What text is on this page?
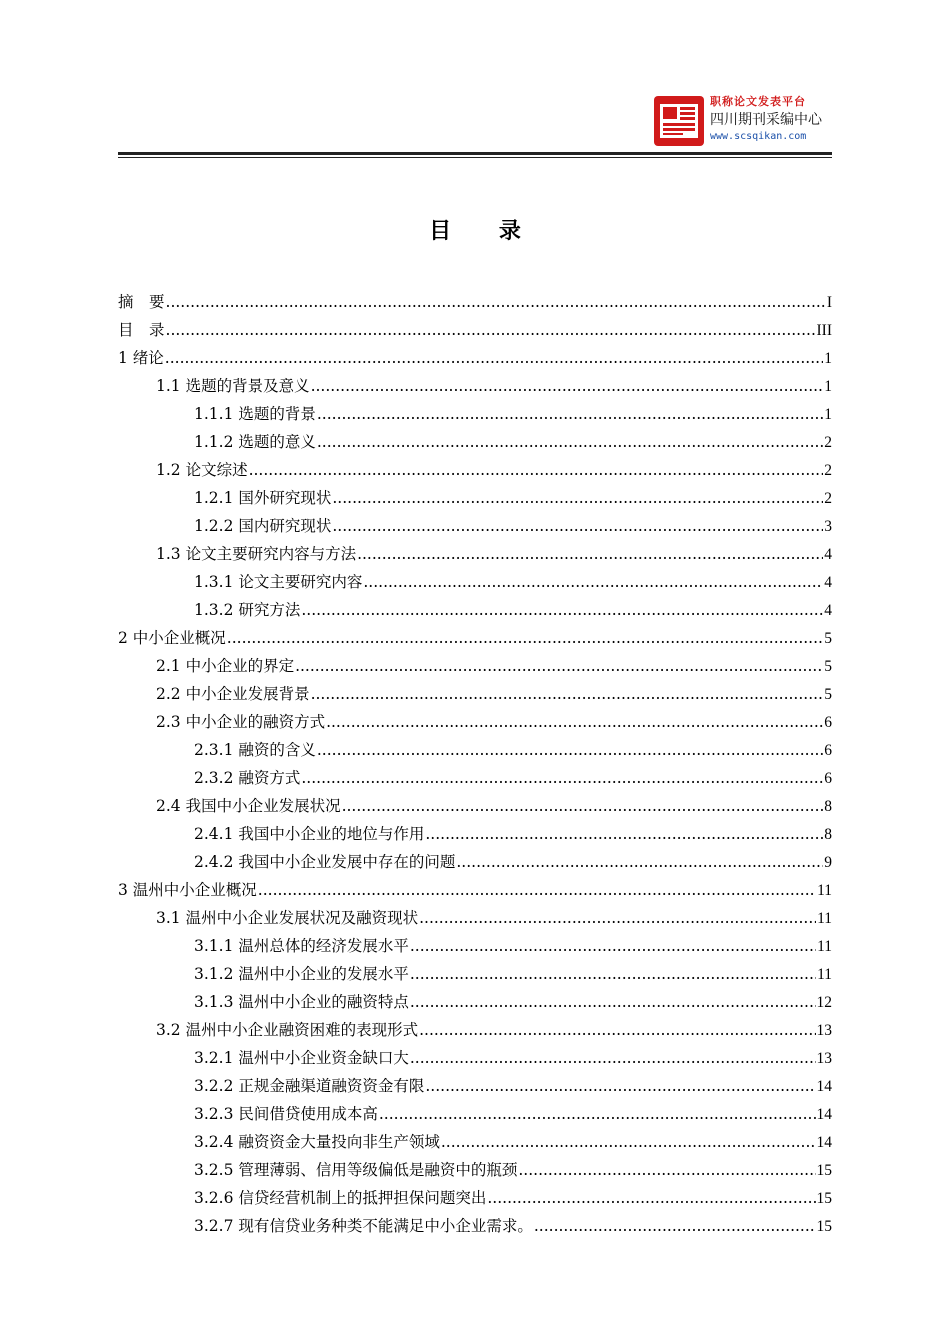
职称论文发表平台
四川期刊采编中心
www.scsqikan.com
目 录
摘　要 .....	I
目　录 .....	III
1 绪论 .....	1
1.1 选题的背景及意义 .....	1
1.1.1 选题的背景 .....	1
1.1.2 选题的意义 .....	2
1.2 论文综述 .....	2
1.2.1 国外研究现状 .....	2
1.2.2 国内研究现状 .....	3
1.3 论文主要研究内容与方法 .....	4
1.3.1 论文主要研究内容 .....	4
1.3.2 研究方法 .....	4
2 中小企业概况 .....	5
2.1 中小企业的界定 .....	5
2.2 中小企业发展背景 .....	5
2.3 中小企业的融资方式 .....	6
2.3.1 融资的含义 .....	6
2.3.2 融资方式 .....	6
2.4 我国中小企业发展状况 .....	8
2.4.1 我国中小企业的地位与作用 .....	8
2.4.2 我国中小企业发展中存在的问题 .....	9
3 温州中小企业概况 .....	11
3.1 温州中小企业发展状况及融资现状 .....	11
3.1.1 温州总体的经济发展水平 .....	11
3.1.2 温州中小企业的发展水平 .....	11
3.1.3 温州中小企业的融资特点 .....	12
3.2 温州中小企业融资困难的表现形式 .....	13
3.2.1 温州中小企业资金缺口大 .....	13
3.2.2 正规金融渠道融资资金有限 .....	14
3.2.3 民间借贷使用成本高 .....	14
3.2.4 融资资金大量投向非生产领域 .....	14
3.2.5 管理薄弱、信用等级偏低是融资中的瓶颈 .....	15
3.2.6 信贷经营机制上的抵押担保问题突出 .....	15
3.2.7 现有信贷业务种类不能满足中小企业需求。 .....	15
